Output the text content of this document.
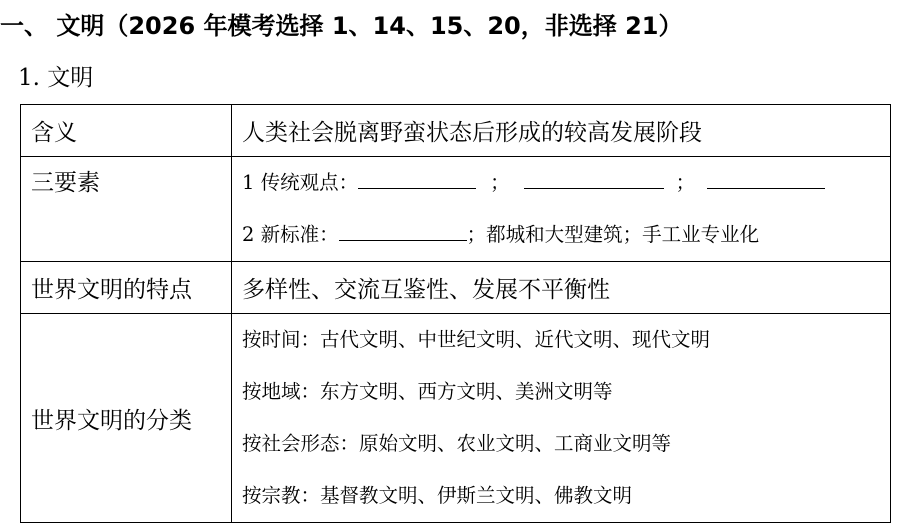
一、 文明（2026 年模考选择 1、14、15、20，非选择 21）
1. 文明
含义	人类社会脱离野蛮状态后形成的较高发展阶段

三要素	1 传统观点： ； ；
2 新标准： ；都城和大型建筑；手工业专业化

世界文明的特点	多样性、交流互鉴性、发展不平衡性
世界文明的分类	按时间：古代文明、中世纪文明、近代文明、现代文明
按地域：东方文明、西方文明、美洲文明等
按社会形态：原始文明、农业文明、工商业文明等
按宗教：基督教文明、伊斯兰文明、佛教文明
